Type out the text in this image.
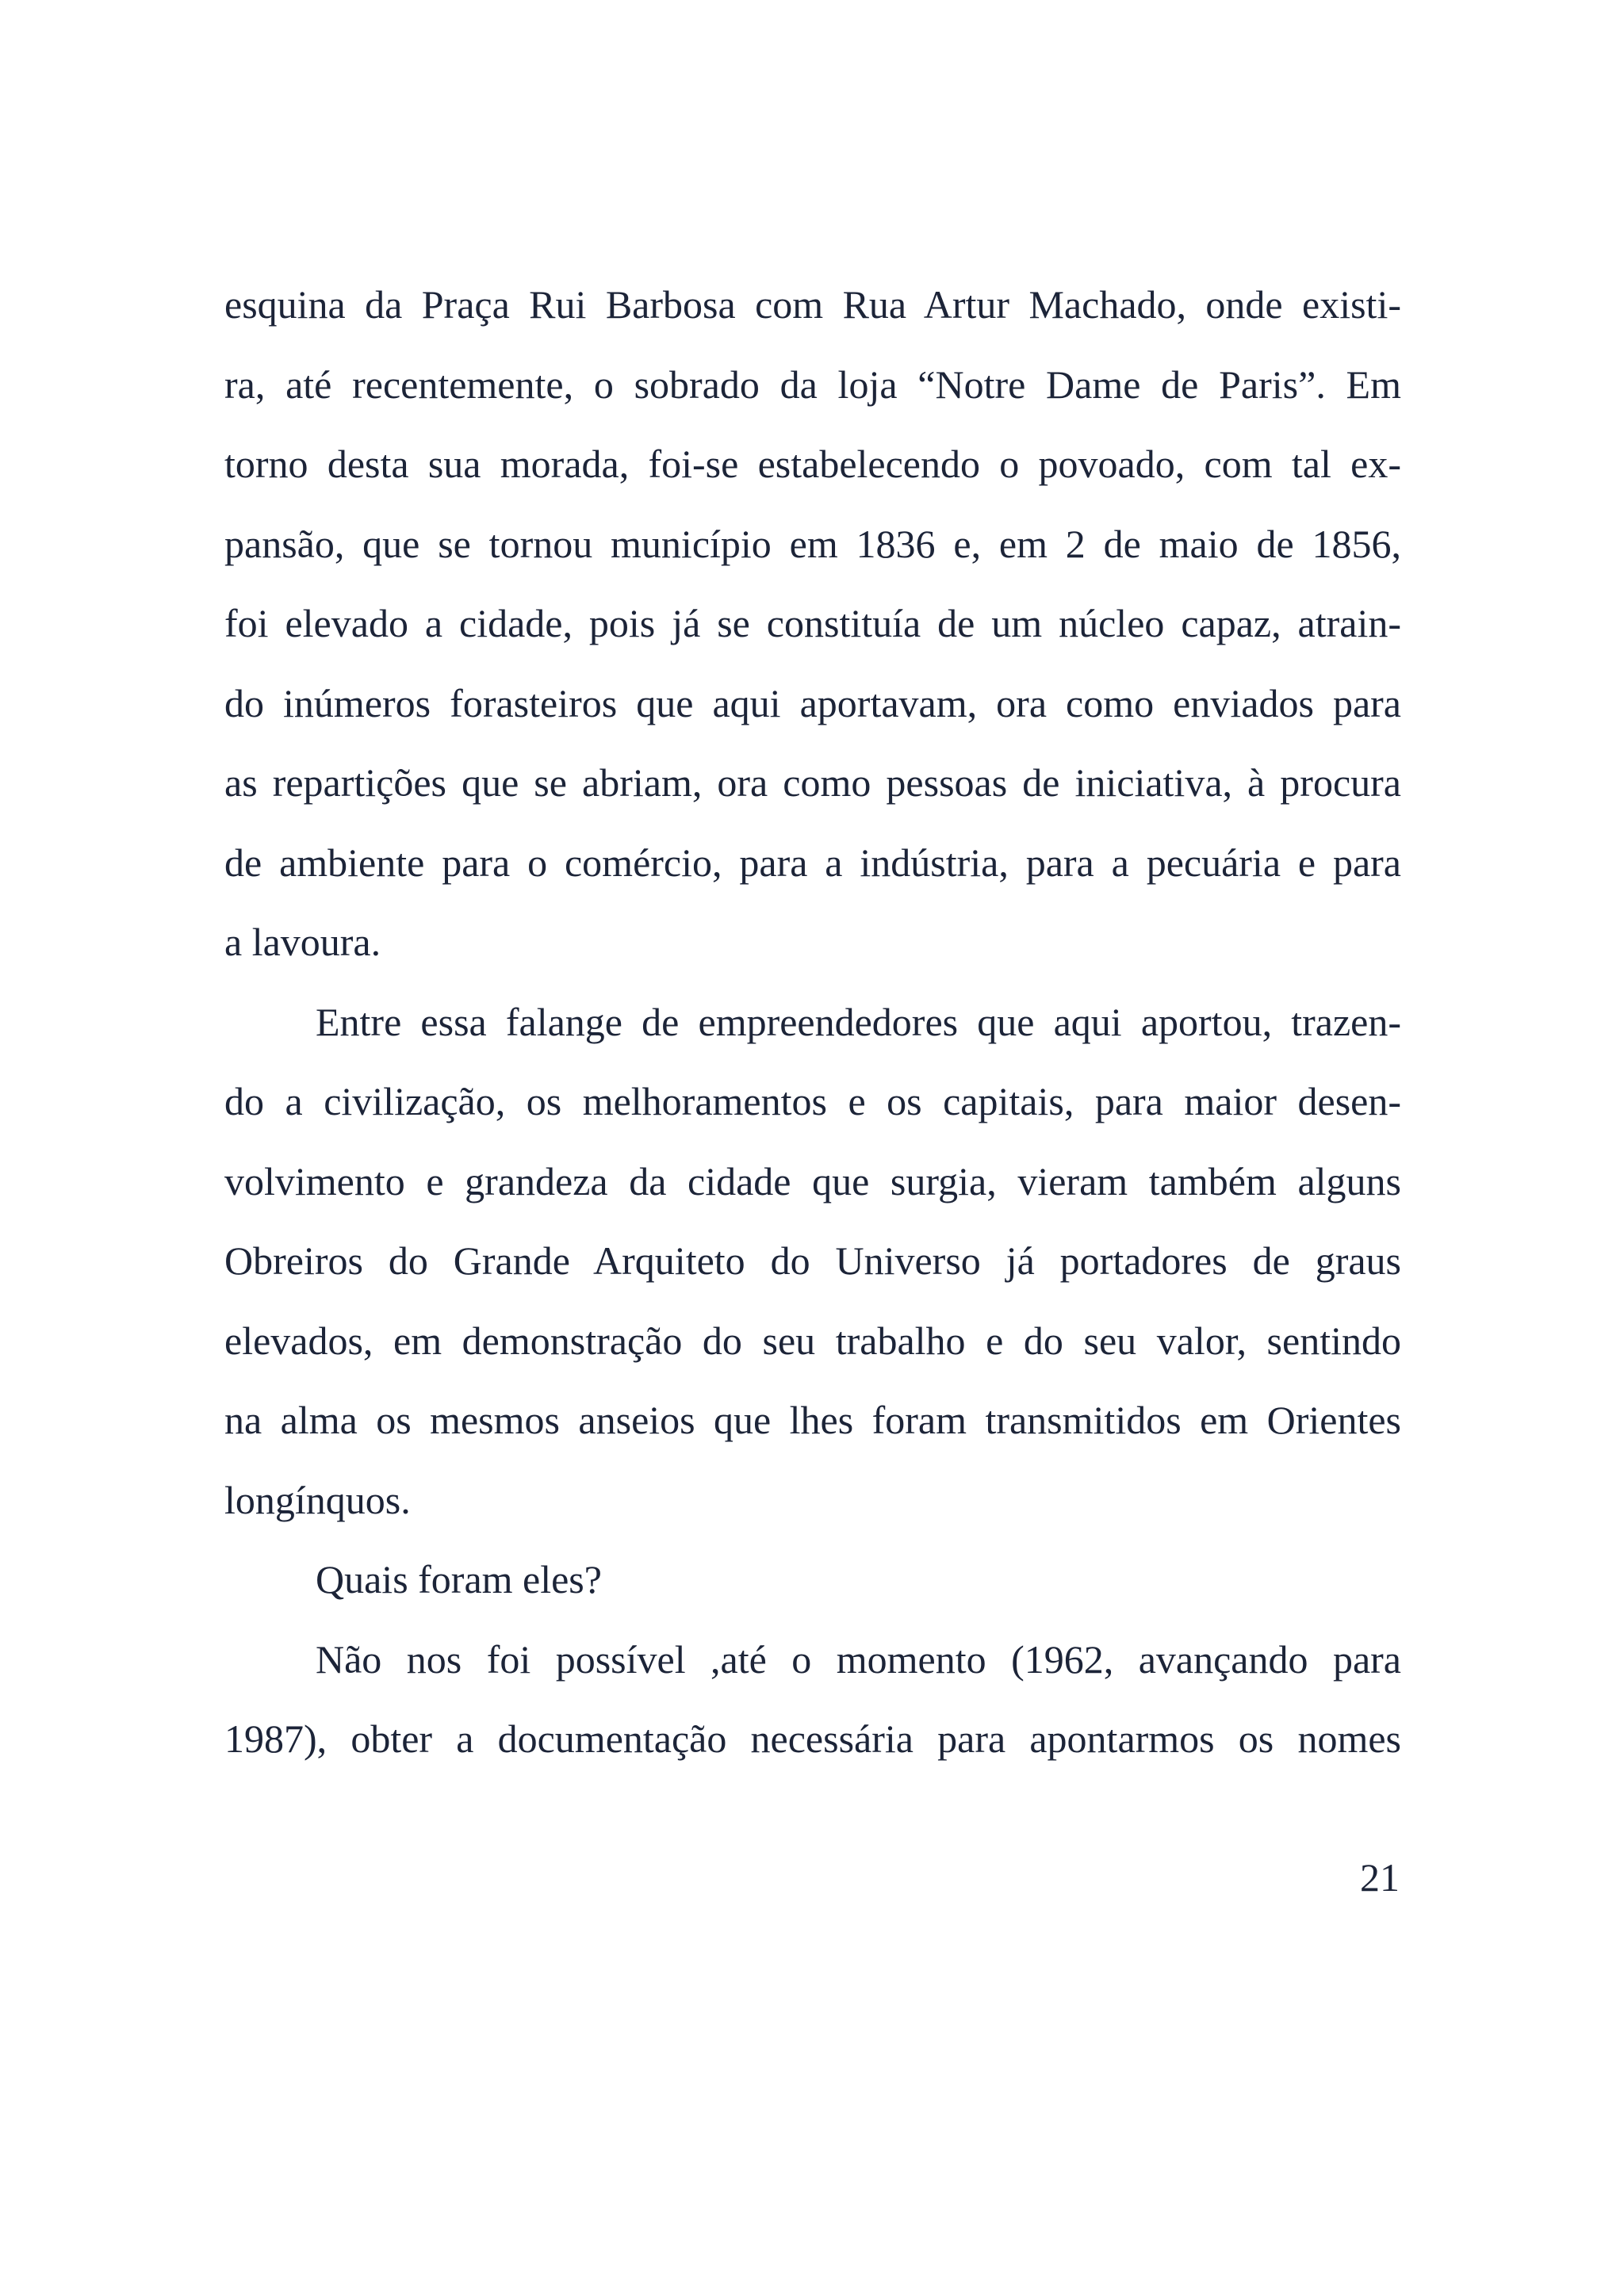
esquina da Praça Rui Barbosa com Rua Artur Machado, onde existi-
ra, até recentemente, o sobrado da loja “Notre Dame de Paris”. Em
torno desta sua morada, foi-se estabelecendo o povoado, com tal ex-
pansão, que se tornou município em 1836 e, em 2 de maio de 1856,
foi elevado a cidade, pois já se constituía de um núcleo capaz, atrain-
do inúmeros forasteiros que aqui aportavam, ora como enviados para
as repartições que se abriam, ora como pessoas de iniciativa, à procura
de ambiente para o comércio, para a indústria, para a pecuária e para
a lavoura.
Entre essa falange de empreendedores que aqui aportou, trazen-
do a civilização, os melhoramentos e os capitais, para maior desen-
volvimento e grandeza da cidade que surgia, vieram também alguns
Obreiros do Grande Arquiteto do Universo já portadores de graus
elevados, em demonstração do seu trabalho e do seu valor, sentindo
na alma os mesmos anseios que lhes foram transmitidos em Orientes
longínquos.
Quais foram eles?
Não nos foi possível ,até o momento (1962, avançando para
1987), obter a documentação necessária para apontarmos os nomes
21
